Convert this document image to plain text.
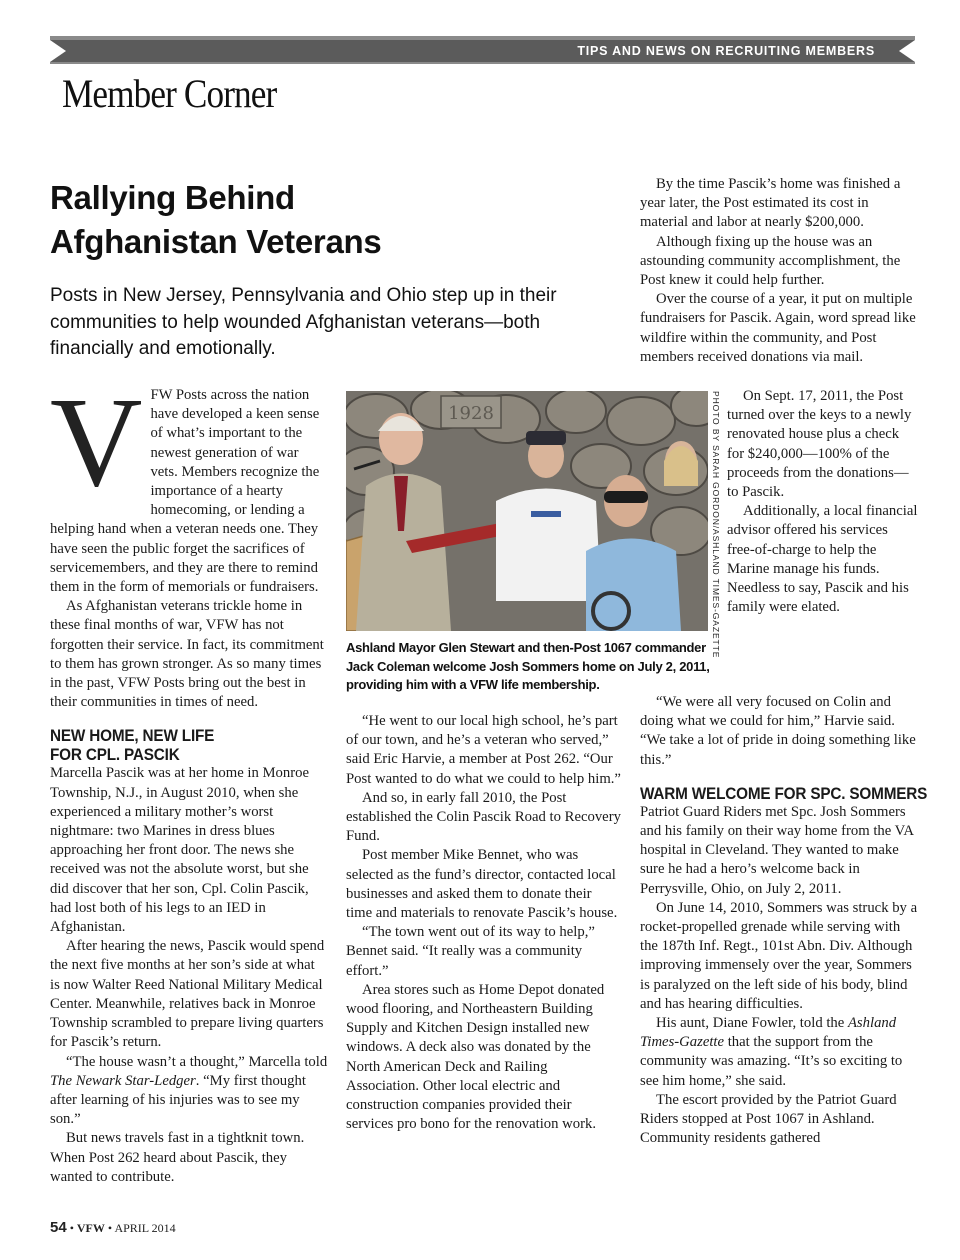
TIPS AND NEWS ON RECRUITING MEMBERS
Member Corner
Rallying Behind
Afghanistan Veterans
Posts in New Jersey, Pennsylvania and Ohio step up in their communities to help wounded Afghanistan veterans—both financially and emotionally.
V FW Posts across the nation have developed a keen sense of what’s important to the newest generation of war vets. Members recognize the importance of a hearty homecoming, or lending a helping hand when a veteran needs one. They have seen the public forget the sacrifices of servicemembers, and they are there to remind them in the form of memorials or fundraisers.

As Afghanistan veterans trickle home in these final months of war, VFW has not forgotten their service. In fact, its commitment to them has grown stronger. As so many times in the past, VFW Posts bring out the best in their communities in times of need.

NEW HOME, NEW LIFE
FOR CPL. PASCIK

Marcella Pascik was at her home in Monroe Township, N.J., in August 2010, when she experienced a military mother’s worst nightmare: two Marines in dress blues approaching her front door. The news she received was not the absolute worst, but she did discover that her son, Cpl. Colin Pascik, had lost both of his legs to an IED in Afghanistan.

After hearing the news, Pascik would spend the next five months at her son’s side at what is now Walter Reed National Military Medical Center. Meanwhile, relatives back in Monroe Township scrambled to prepare living quarters for Pascik’s return.

“The house wasn’t a thought,” Marcella told The Newark Star-Ledger. “My first thought after learning of his injuries was to see my son.”

But news travels fast in a tightknit town. When Post 262 heard about Pascik, they wanted to contribute.

1928	PHOTO BY SARAH GORDON/ASHLAND TIMES-GAZETTE
Ashland Mayor Glen Stewart and then-Post 1067 commander Jack Coleman welcome Josh Sommers home on July 2, 2011, providing him with a VFW life membership.

“He went to our local high school, he’s part of our town, and he’s a veteran who served,” said Eric Harvie, a member at Post 262. “Our Post wanted to do what we could to help him.”

And so, in early fall 2010, the Post established the Colin Pascik Road to Recovery Fund.

Post member Mike Bennet, who was selected as the fund’s director, contacted local businesses and asked them to donate their time and materials to renovate Pascik’s house.

“The town went out of its way to help,” Bennet said. “It really was a community effort.”

Area stores such as Home Depot donated wood flooring, and Northeastern Building Supply and Kitchen Design installed new windows. A deck also was donated by the North American Deck and Railing Association. Other local electric and construction companies provided their services pro bono for the renovation work.

By the time Pascik’s home was finished a year later, the Post estimated its cost in material and labor at nearly $200,000.

Although fixing up the house was an astounding community accomplishment, the Post knew it could help further.

Over the course of a year, it put on multiple fundraisers for Pascik. Again, word spread like wildfire within the community, and Post members received donations via mail.

On Sept. 17, 2011, the Post turned over the keys to a newly renovated house plus a check for $240,000—100% of the proceeds from the donations—to Pascik.

Additionally, a local financial advisor offered his services free-of-charge to help the Marine manage his funds. Needless to say, Pascik and his family were elated.

“We were all very focused on Colin and doing what we could for him,” Harvie said. “We take a lot of pride in doing something like this.”

WARM WELCOME FOR SPC. SOMMERS

Patriot Guard Riders met Spc. Josh Sommers and his family on their way home from the VA hospital in Cleveland. They wanted to make sure he had a hero’s welcome back in Perrysville, Ohio, on July 2, 2011.

On June 14, 2010, Sommers was struck by a rocket-propelled grenade while serving with the 187th Inf. Regt., 101st Abn. Div. Although improving immensely over the year, Sommers is paralyzed on the left side of his body, blind and has hearing difficulties.

His aunt, Diane Fowler, told the Ashland Times-Gazette that the support from the community was amazing. “It’s so exciting to see him home,” she said.

The escort provided by the Patriot Guard Riders stopped at Post 1067 in Ashland. Community residents gathered

54 • VFW • APRIL 2014
